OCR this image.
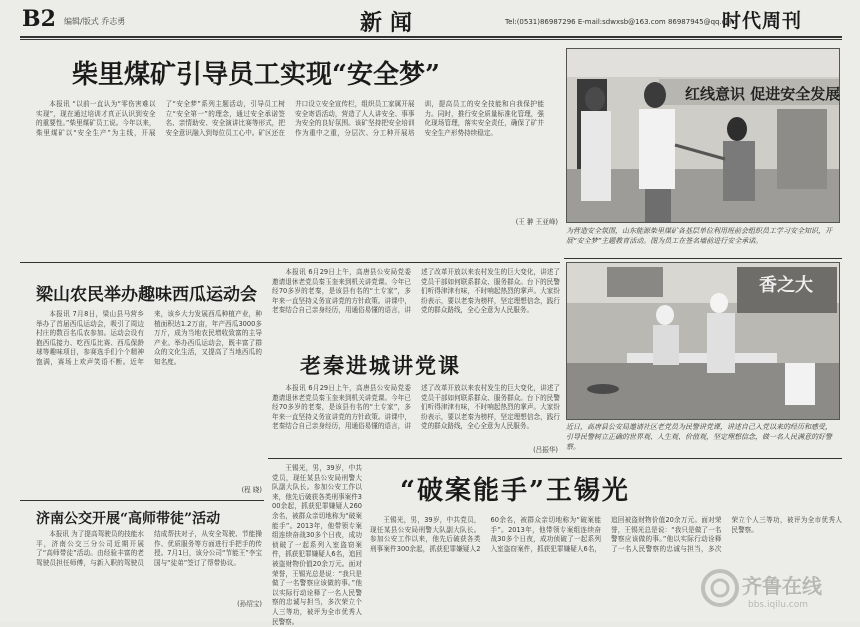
B2 编辑/版式 乔志勇	新闻	Tel:(0531)86987296 E-mail:sdwxsb@163.com 86987945@qq.com
时代周刊
柴里煤矿引导员工实现“安全梦”

本报讯 “以前一直认为“零伤害难以实现”，现在通过培训才真正认识到安全的重要性。”柴里煤矿员工说。今年以来，柴里煤矿以“安全生产”为主线，开展了“安全梦”系列主题活动，引导员工树立“安全第一”的理念，通过安全承诺签名、亲情助安、安全演讲比赛等形式，把安全意识融入到每位员工心中。矿区还在井口设立安全宣传栏，组织员工家属开展安全寄语活动，营造了人人讲安全、事事为安全的良好氛围。该矿坚持把安全培训作为重中之重，分层次、分工种开展培训，提高员工的安全技能和自我保护能力。同时，推行安全质量标准化管理，强化现场管理，落实安全责任，确保了矿井安全生产形势持续稳定。

(王 翀 王亚峰)
红线意识 促进安全发展
为营造安全氛围，山东能源柴里煤矿各基层单位利用班前会组织员工学习安全知识，开展“安全梦”主题教育活动。图为员工在签名墙前进行安全承诺。
梁山农民举办趣味西瓜运动会

本报讯 7月8日，梁山县马营乡举办了首届西瓜运动会，吸引了周边村庄的数百名瓜农参加。运动会设有抱西瓜接力、吃西瓜比赛、西瓜保龄球等趣味项目，参赛选手们个个精神饱满，赛场上欢声笑语不断。近年来，该乡大力发展西瓜种植产业，种植面积达1.2万亩，年产西瓜3000多万斤，成为当地农民增收致富的主导产业。举办西瓜运动会，既丰富了群众的文化生活，又提高了当地西瓜的知名度。

(程 晓)

本报讯 6月29日上午，高唐县公安局党委邀请退休老党员秦玉奎来到机关讲党课。今年已经70多岁的老秦，是该县有名的“土专家”，多年来一直坚持义务宣讲党的方针政策。讲课中，老秦结合自己亲身经历，用通俗易懂的语言，讲述了改革开放以来农村发生的巨大变化，讲述了党员干部如何联系群众、服务群众。台下的民警们听得津津有味，不时响起热烈的掌声。大家纷纷表示，要以老秦为榜样，坚定理想信念，践行党的群众路线，全心全意为人民服务。

老秦进城讲党课

本报讯 6月29日上午，高唐县公安局党委邀请退休老党员秦玉奎来到机关讲党课。今年已经70多岁的老秦，是该县有名的“土专家”，多年来一直坚持义务宣讲党的方针政策。讲课中，老秦结合自己亲身经历，用通俗易懂的语言，讲述了改革开放以来农村发生的巨大变化，讲述了党员干部如何联系群众、服务群众。台下的民警们听得津津有味，不时响起热烈的掌声。大家纷纷表示，要以老秦为榜样，坚定理想信念，践行党的群众路线，全心全意为人民服务。

(吕振华)
香之大
近日，高唐县公安局邀请社区老党员为民警讲党课，讲述自己入党以来的经历和感受，引导民警树立正确的世界观、人生观、价值观，坚定理想信念，做一名人民满意的好警察。
济南公交开展“高师带徒”活动

本报讯 为了提高驾驶员的技能水平，济南公交三分公司近期开展了“高师带徒”活动。由经验丰富的老驾驶员担任师傅，与新入职的驾驶员结成帮扶对子，从安全驾驶、节能操作、优质服务等方面进行手把手的传授。7月1日，该分公司“节能王”李宝国与“徒弟”签订了帮带协议。

(孙绍宝)

王锡光，男，39岁，中共党员，现任某县公安局刑警大队副大队长。参加公安工作以来，他先后破获各类刑事案件300余起，抓获犯罪嫌疑人260余名，被群众亲切地称为“破案能手”。2013年，他带领专案组连续奋战30多个日夜，成功侦破了一起系列入室盗窃案件，抓获犯罪嫌疑人6名，追回被盗财物价值20余万元。面对荣誉，王锡光总是说：“我只是做了一名警察应该做的事。”他以实际行动诠释了一名人民警察的忠诚与担当，多次荣立个人三等功，被评为全市优秀人民警察。

“破案能手”王锡光

王锡光，男，39岁，中共党员，现任某县公安局刑警大队副大队长。参加公安工作以来，他先后破获各类刑事案件300余起，抓获犯罪嫌疑人260余名，被群众亲切地称为“破案能手”。2013年，他带领专案组连续奋战30多个日夜，成功侦破了一起系列入室盗窃案件，抓获犯罪嫌疑人6名，追回被盗财物价值20余万元。面对荣誉，王锡光总是说：“我只是做了一名警察应该做的事。”他以实际行动诠释了一名人民警察的忠诚与担当，多次荣立个人三等功，被评为全市优秀人民警察。

齐鲁在线
bbs.iqilu.com
